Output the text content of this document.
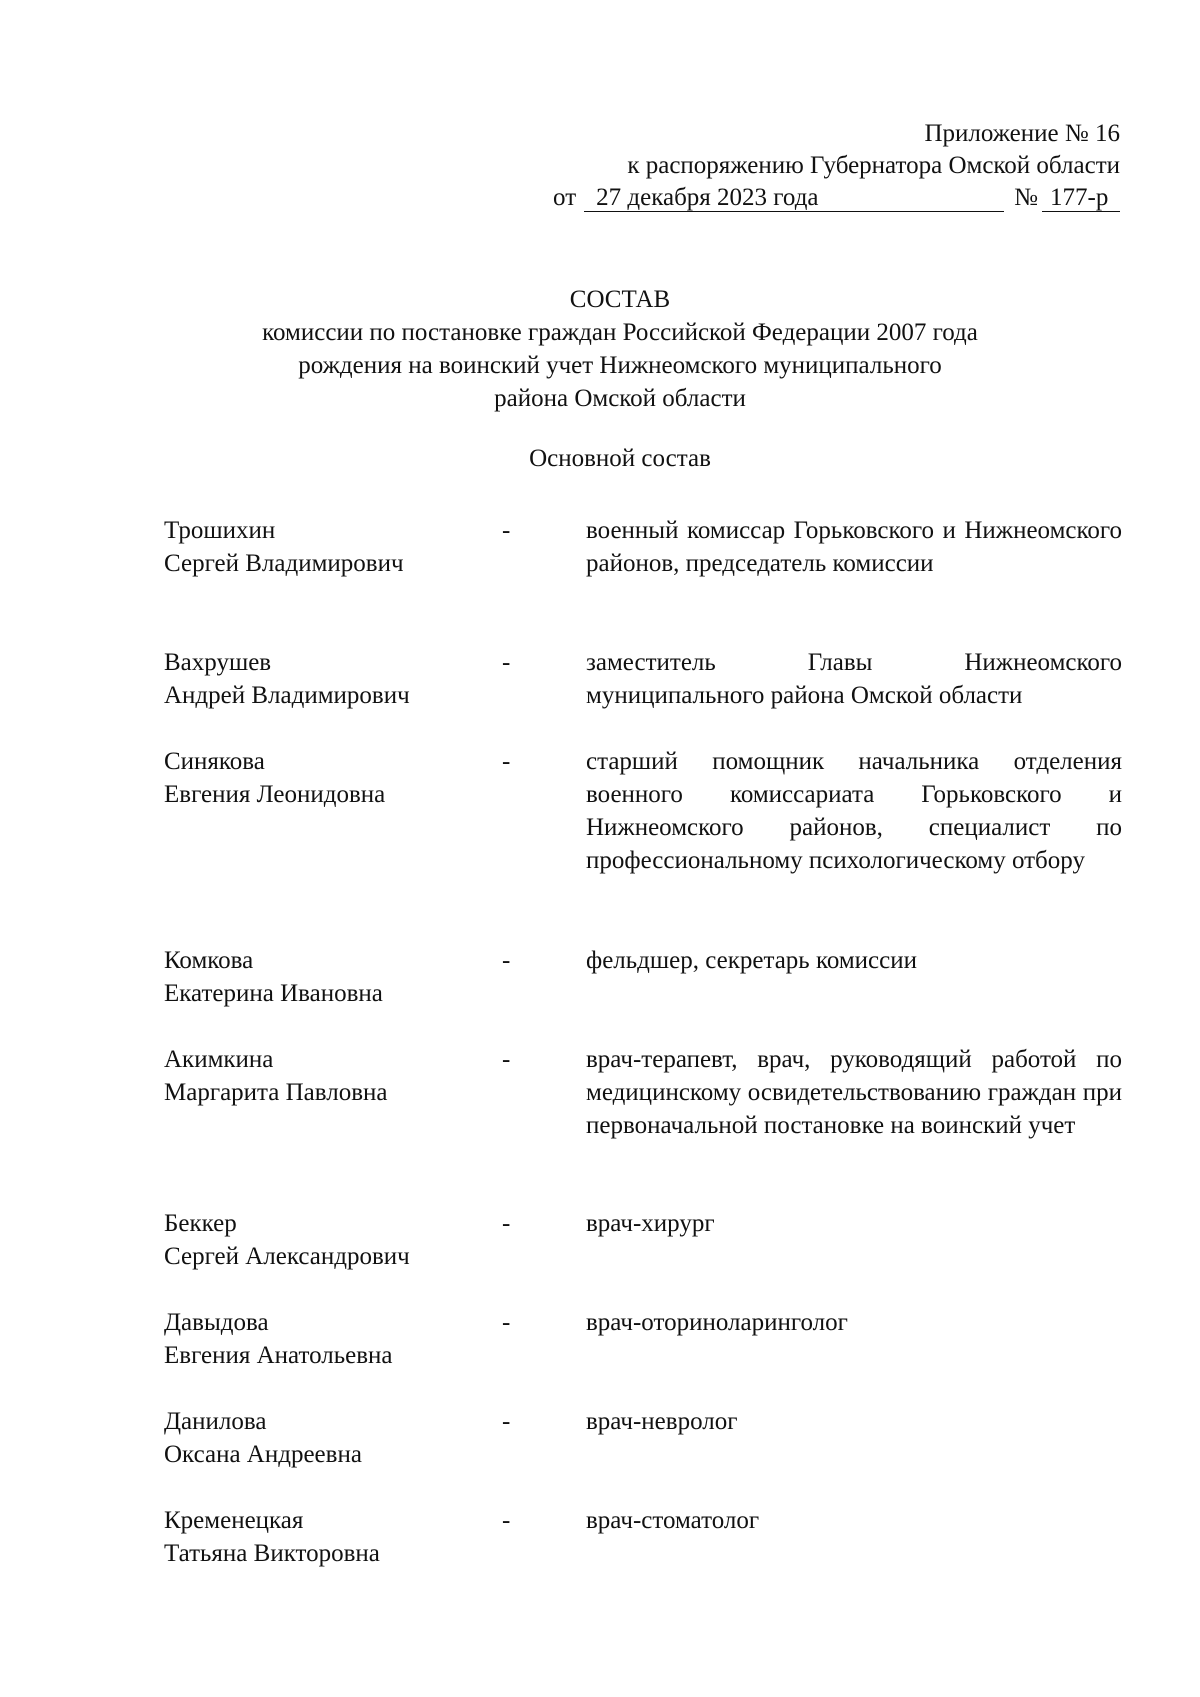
Приложение № 16
к распоряжению Губернатора Омской области
от 27 декабря 2023 года	№ 177-р
СОСТАВ
комиссии по постановке граждан Российской Федерации 2007 года
рождения на воинский учет Нижнеомского муниципального
района Омской области
Основной состав
Трошихин
Сергей Владимирович
-	военный комиссар Горьковского и Нижнеомского районов, председатель комиссии
Вахрушев
Андрей Владимирович
-	заместитель Главы Нижнеомского муниципального района Омской области
Синякова
Евгения Леонидовна
-	старший помощник начальника отделения военного комиссариата Горьковского и Нижнеомского районов, специалист по профессиональному психологическому отбору
Комкова
Екатерина Ивановна
-	фельдшер, секретарь комиссии
Акимкина
Маргарита Павловна
-	врач-терапевт, врач, руководящий работой по медицинскому освидетельствованию граждан при первоначальной постановке на воинский учет
Беккер
Сергей Александрович
-	врач-хирург
Давыдова
Евгения Анатольевна
-	врач-оториноларинголог
Данилова
Оксана Андреевна
-	врач-невролог
Кременецкая
Татьяна Викторовна
-	врач-стоматолог
